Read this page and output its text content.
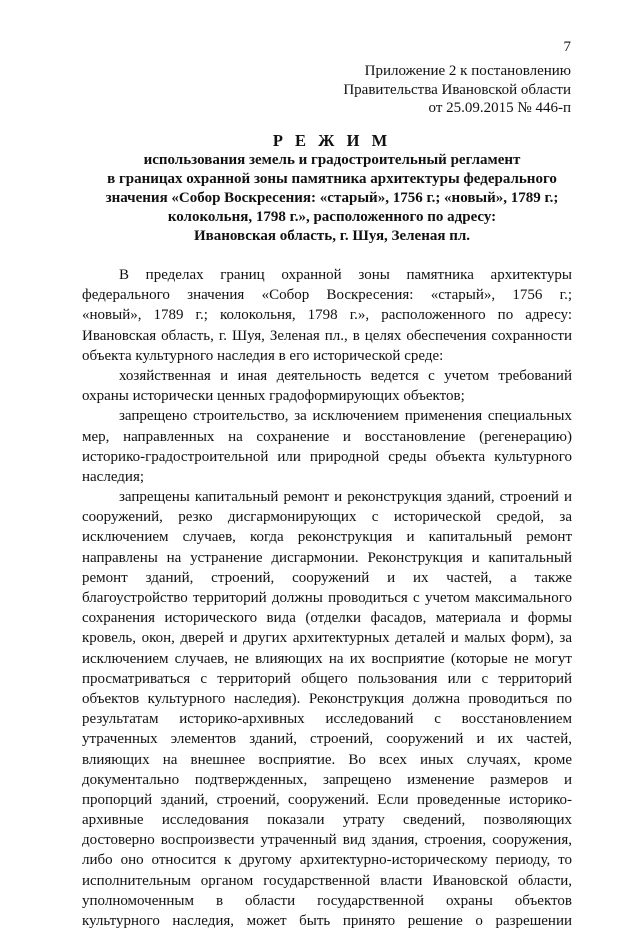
7
Приложение 2 к постановлению
Правительства Ивановской области
от 25.09.2015 № 446-п
Р Е Ж И М
использования земель и градостроительный регламент
в границах охранной зоны памятника архитектуры федерального
значения «Собор Воскресения: «старый», 1756 г.; «новый», 1789 г.;
колокольня, 1798 г.», расположенного по адресу:
Ивановская область, г. Шуя, Зеленая пл.
В пределах границ охранной зоны памятника архитектуры
федерального значения «Собор Воскресения: «старый», 1756 г.;
«новый», 1789 г.; колокольня, 1798 г.», расположенного по адресу:
Ивановская область, г. Шуя, Зеленая пл., в целях обеспечения сохранности
объекта культурного наследия в его исторической среде:
хозяйственная и иная деятельность ведется с учетом требований
охраны исторически ценных градоформирующих объектов;
запрещено строительство, за исключением применения специальных
мер, направленных на сохранение и восстановление (регенерацию)
историко-градостроительной или природной среды объекта культурного
наследия;
запрещены капитальный ремонт и реконструкция зданий, строений и
сооружений, резко дисгармонирующих с исторической средой, за
исключением случаев, когда реконструкция и капитальный ремонт
направлены на устранение дисгармонии. Реконструкция и капитальный
ремонт зданий, строений, сооружений и их частей, а также
благоустройство территорий должны проводиться с учетом максимального
сохранения исторического вида (отделки фасадов, материала и формы
кровель, окон, дверей и других архитектурных деталей и малых форм), за
исключением случаев, не влияющих на их восприятие (которые не могут
просматриваться с территорий общего пользования или с территорий
объектов культурного наследия). Реконструкция должна проводиться по
результатам историко-архивных исследований с восстановлением
утраченных элементов зданий, строений, сооружений и их частей,
влияющих на внешнее восприятие. Во всех иных случаях, кроме
документально подтвержденных, запрещено изменение размеров и
пропорций зданий, строений, сооружений. Если проведенные историко-
архивные исследования показали утрату сведений, позволяющих
достоверно воспроизвести утраченный вид здания, строения, сооружения,
либо оно относится к другому архитектурно-историческому периоду, то
исполнительным органом государственной власти Ивановской области,
уполномоченным в области государственной охраны объектов
культурного наследия, может быть принято решение о разрешении
